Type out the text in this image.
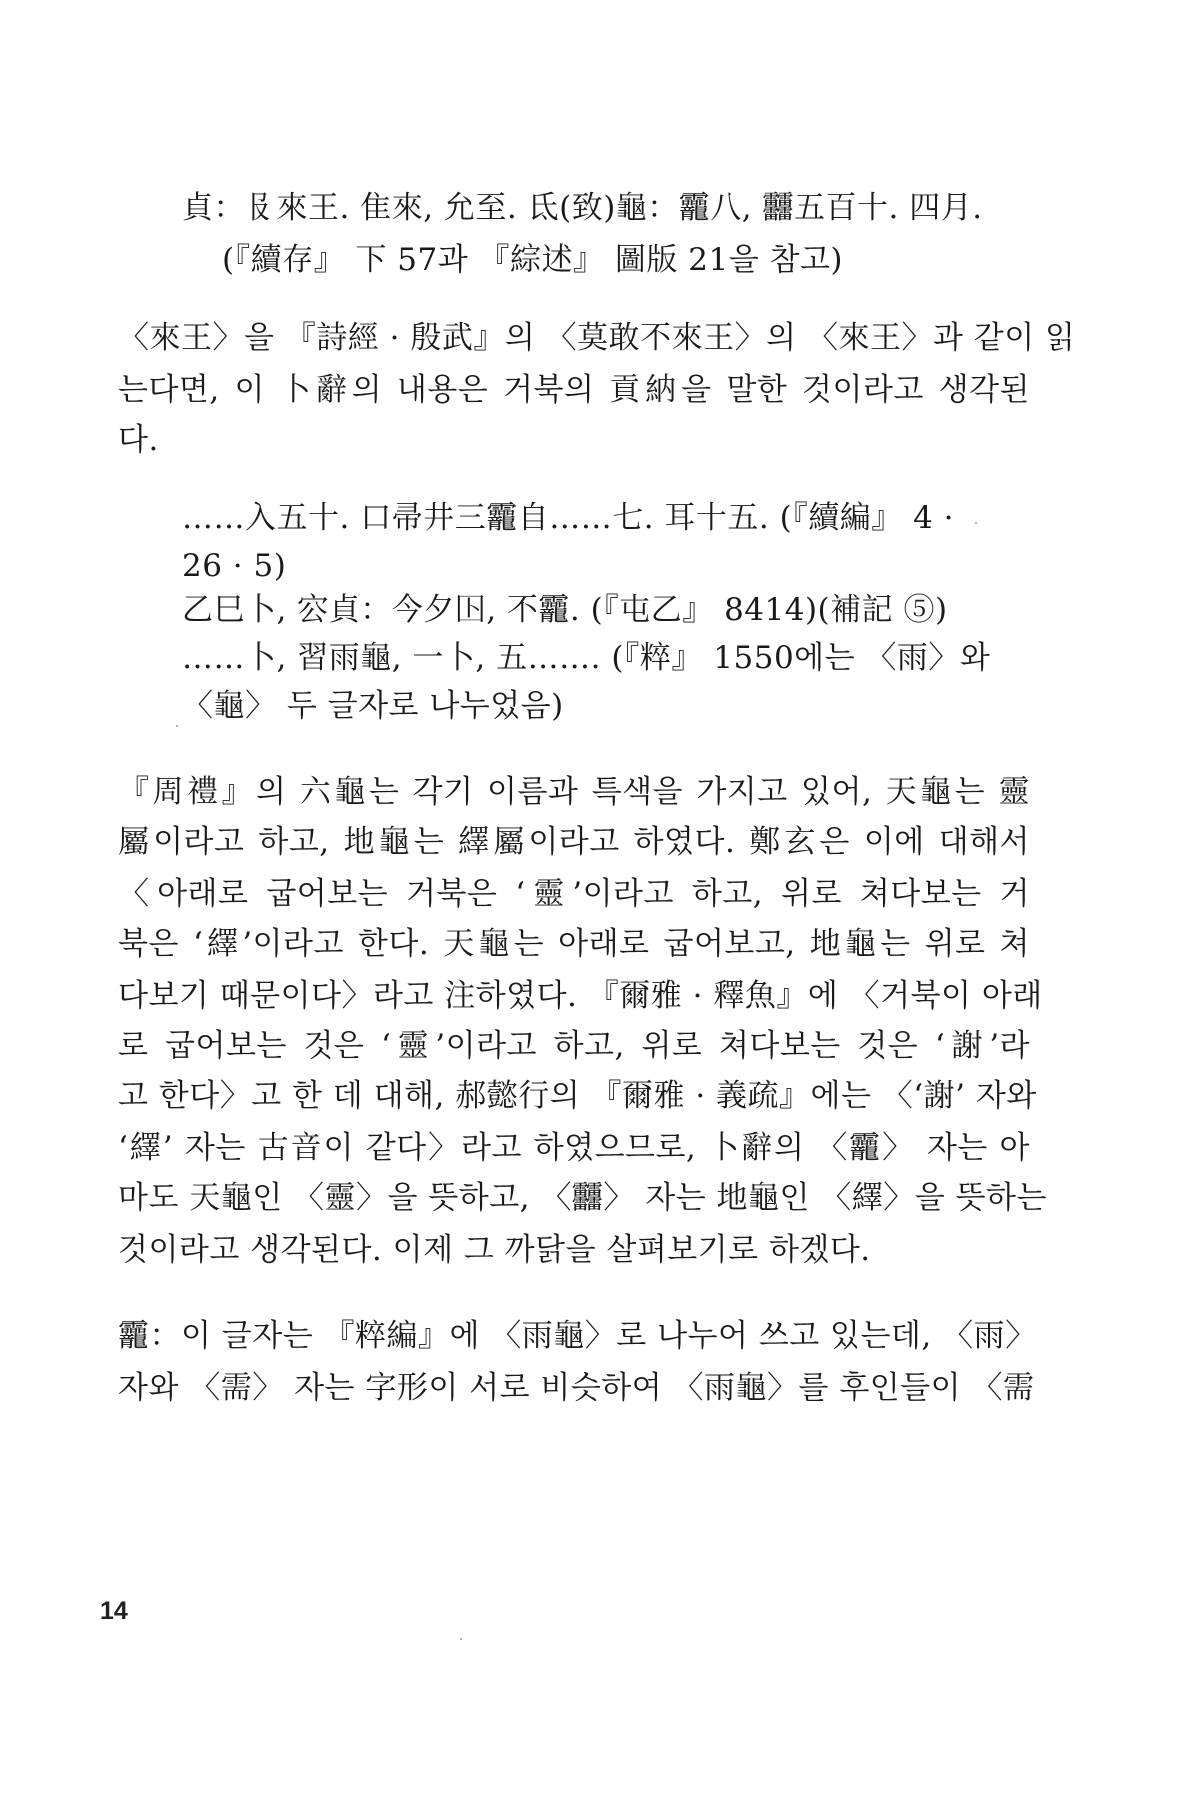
貞：𠬝來王. 隹來, 允至. 氐(致)龜：龗八, 䨻五百十. 四月.
(『續存』 下 57과 『綜述』 圖版 21을 참고)
〈來王〉을 『詩經 · 殷武』의 〈莫敢不來王〉의 〈來王〉과 같이 읽
는다면, 이 卜辭의 내용은 거북의 貢納을 말한 것이라고 생각된
다.
……入五十. 口帚井三龗自……七. 耳十五. (『續編』 4 ·
26 · 5)
乙巳卜, 㝐貞：今夕𡆥, 不龗. (『屯乙』 8414)(補記 ⑤)
……卜, 習雨龜, 一卜, 五……. (『粹』 1550에는 〈雨〉와
〈龜〉 두 글자로 나누었음)
『周禮』의 六龜는 각기 이름과 특색을 가지고 있어, 天龜는 靈
屬이라고 하고, 地龜는 繹屬이라고 하였다. 鄭玄은 이에 대해서
〈아래로 굽어보는 거북은 ‘靈’이라고 하고, 위로 쳐다보는 거
북은 ‘繹’이라고 한다. 天龜는 아래로 굽어보고, 地龜는 위로 쳐
다보기 때문이다〉라고 注하였다. 『爾雅 · 釋魚』에 〈거북이 아래
로 굽어보는 것은 ‘靈’이라고 하고, 위로 쳐다보는 것은 ‘謝’라
고 한다〉고 한 데 대해, 郝懿行의 『爾雅 · 義疏』에는 〈‘謝’ 자와
‘繹’ 자는 古音이 같다〉라고 하였으므로, 卜辭의 〈龗〉 자는 아
마도 天龜인 〈靈〉을 뜻하고, 〈䨻〉 자는 地龜인 〈繹〉을 뜻하는
것이라고 생각된다. 이제 그 까닭을 살펴보기로 하겠다.
龗：이 글자는 『粹編』에 〈雨龜〉로 나누어 쓰고 있는데, 〈雨〉
자와 〈需〉 자는 字形이 서로 비슷하여 〈雨龜〉를 후인들이 〈需
14
